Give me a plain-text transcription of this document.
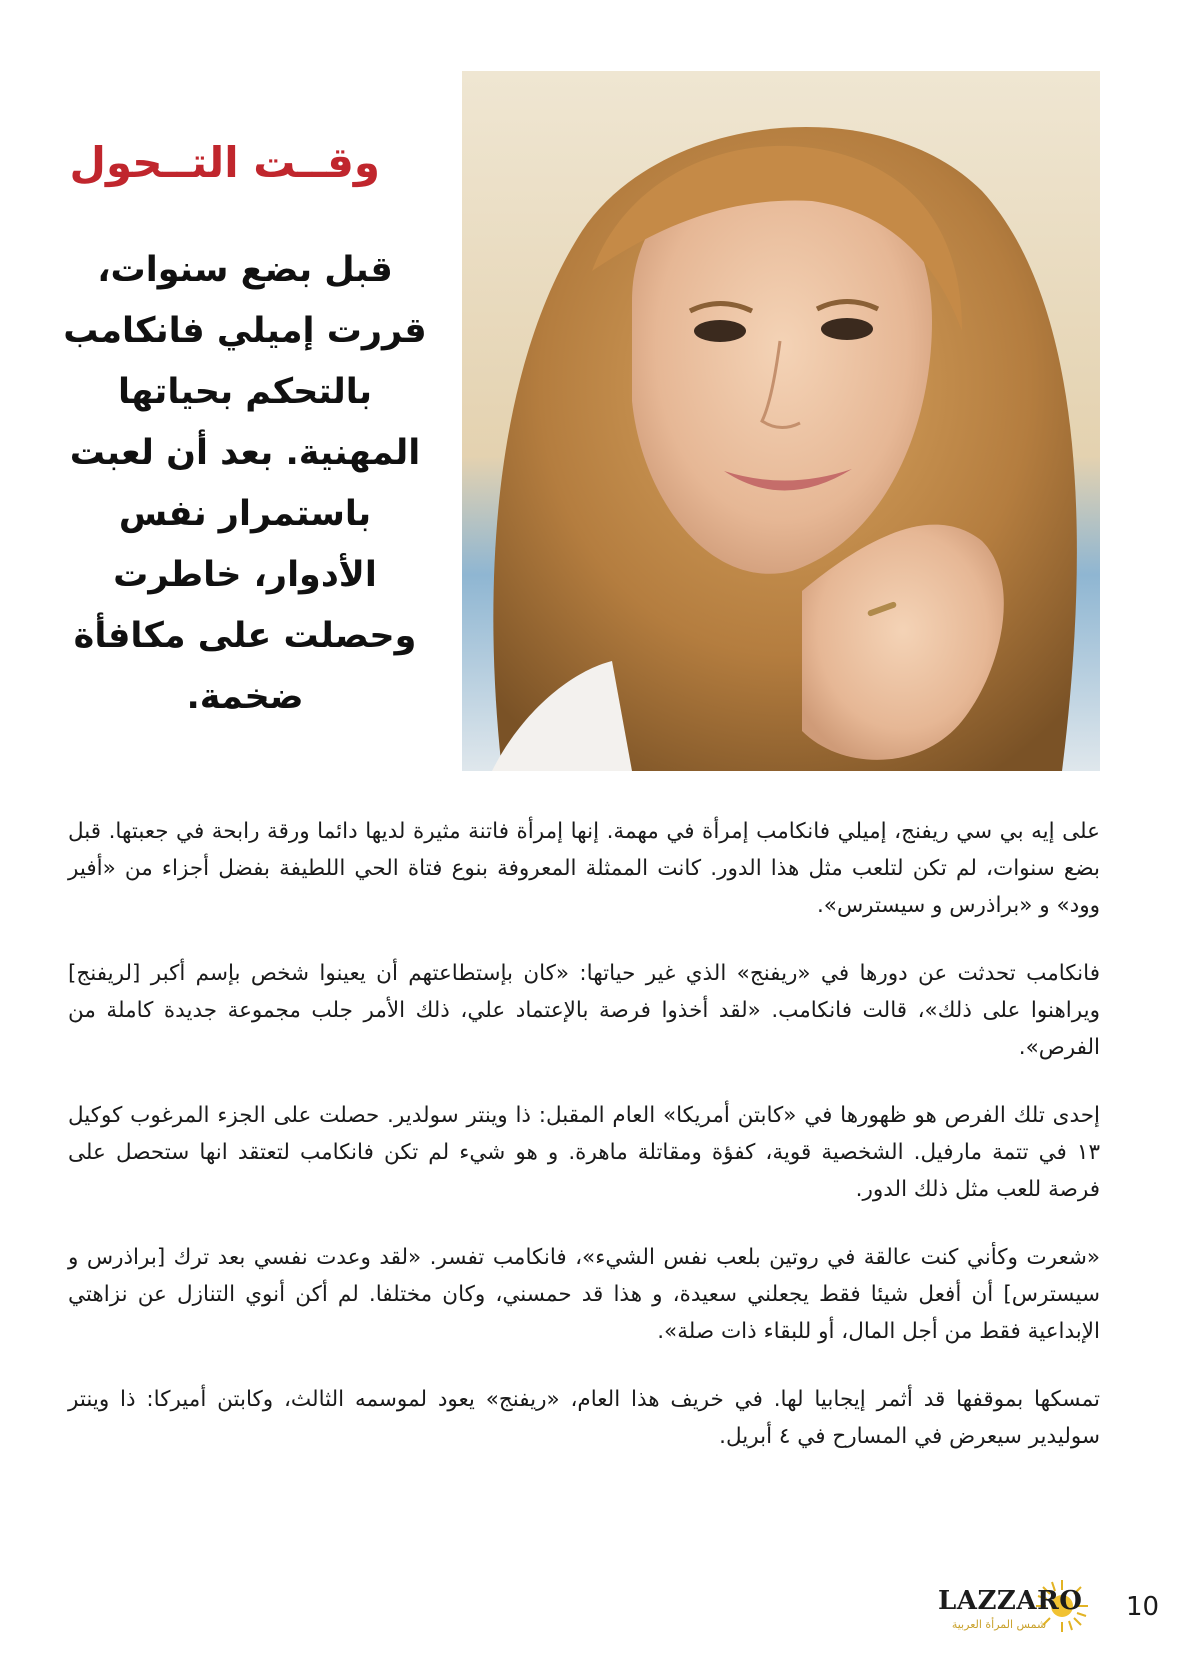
وقــت التــحول
قبل بضع سنوات، قررت إميلي فانكامب بالتحكم بحياتها المهنية. بعد أن لعبت باستمرار نفس الأدوار، خاطرت وحصلت على مكافأة ضخمة.

على إيه بي سي ريفنج، إميلي فانكامب إمرأة في مهمة. إنها إمرأة فاتنة مثيرة لديها دائما ورقة رابحة في جعبتها. قبل بضع سنوات، لم تكن لتلعب مثل هذا الدور. كانت الممثلة المعروفة بنوع فتاة الحي اللطيفة بفضل أجزاء من «أفير وود» و «براذرس و سيسترس».

فانكامب تحدثت عن دورها في «ريفنج» الذي غير حياتها: «كان بإستطاعتهم أن يعينوا شخص بإسم أكبر [لريفنج] ويراهنوا على ذلك»، قالت فانكامب. «لقد أخذوا فرصة بالإعتماد علي، ذلك الأمر جلب مجموعة جديدة كاملة من الفرص».

إحدى تلك الفرص هو ظهورها في «كابتن أمريكا» العام المقبل: ذا وينتر سولدير. حصلت على الجزء المرغوب كوكيل ١٣ في تتمة مارفيل. الشخصية قوية، كفؤة ومقاتلة ماهرة. و هو شيء لم تكن فانكامب لتعتقد انها ستحصل على فرصة للعب مثل ذلك الدور.

«شعرت وكأني كنت عالقة في روتين بلعب نفس الشيء»، فانكامب تفسر. «لقد وعدت نفسي بعد ترك [براذرس و سيسترس] أن أفعل شيئا فقط يجعلني سعيدة، و هذا قد حمسني، وكان مختلفا. لم أكن أنوي التنازل عن نزاهتي الإبداعية فقط من أجل المال، أو للبقاء ذات صلة».

تمسكها بموقفها قد أثمر إيجابيا لها. في خريف هذا العام، «ريفنج» يعود لموسمه الثالث، وكابتن أميركا: ذا وينتر سوليدير سيعرض في المسارح في ٤ أبريل.

LAZZARO
شمس المرأة العربية
10
